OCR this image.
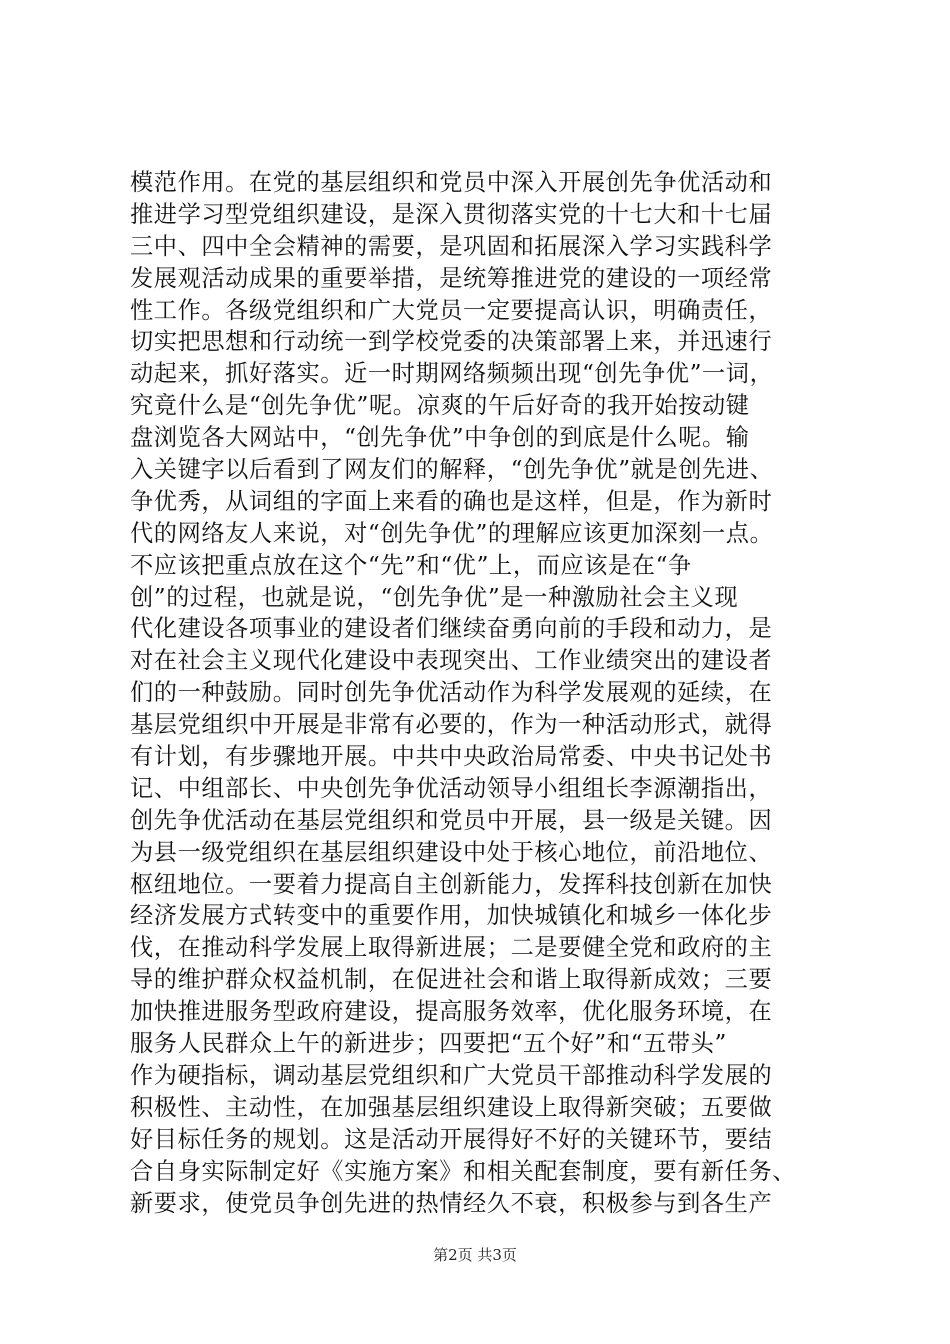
模范作用。在党的基层组织和党员中深入开展创先争优活动和
推进学习型党组织建设，是深入贯彻落实党的十七大和十七届
三中、四中全会精神的需要，是巩固和拓展深入学习实践科学
发展观活动成果的重要举措，是统筹推进党的建设的一项经常
性工作。各级党组织和广大党员一定要提高认识，明确责任，
切实把思想和行动统一到学校党委的决策部署上来，并迅速行
动起来，抓好落实。近一时期网络频频出现“创先争优”一词，
究竟什么是“创先争优”呢。凉爽的午后好奇的我开始按动键
盘浏览各大网站中，“创先争优”中争创的到底是什么呢。输
入关键字以后看到了网友们的解释，“创先争优”就是创先进、
争优秀，从词组的字面上来看的确也是这样，但是，作为新时
代的网络友人来说，对“创先争优”的理解应该更加深刻一点。
不应该把重点放在这个“先”和“优”上，而应该是在“争
创”的过程，也就是说，“创先争优”是一种激励社会主义现
代化建设各项事业的建设者们继续奋勇向前的手段和动力，是
对在社会主义现代化建设中表现突出、工作业绩突出的建设者
们的一种鼓励。同时创先争优活动作为科学发展观的延续，在
基层党组织中开展是非常有必要的，作为一种活动形式，就得
有计划，有步骤地开展。中共中央政治局常委、中央书记处书
记、中组部长、中央创先争优活动领导小组组长李源潮指出，
创先争优活动在基层党组织和党员中开展，县一级是关键。因
为县一级党组织在基层组织建设中处于核心地位，前沿地位、
枢纽地位。一要着力提高自主创新能力，发挥科技创新在加快
经济发展方式转变中的重要作用，加快城镇化和城乡一体化步
伐，在推动科学发展上取得新进展；二是要健全党和政府的主
导的维护群众权益机制，在促进社会和谐上取得新成效；三要
加快推进服务型政府建设，提高服务效率，优化服务环境，在
服务人民群众上午的新进步；四要把“五个好”和“五带头”
作为硬指标，调动基层党组织和广大党员干部推动科学发展的
积极性、主动性，在加强基层组织建设上取得新突破；五要做
好目标任务的规划。这是活动开展得好不好的关键环节，要结
合自身实际制定好《实施方案》和相关配套制度，要有新任务、
新要求，使党员争创先进的热情经久不衰，积极参与到各生产
第2页 共3页
